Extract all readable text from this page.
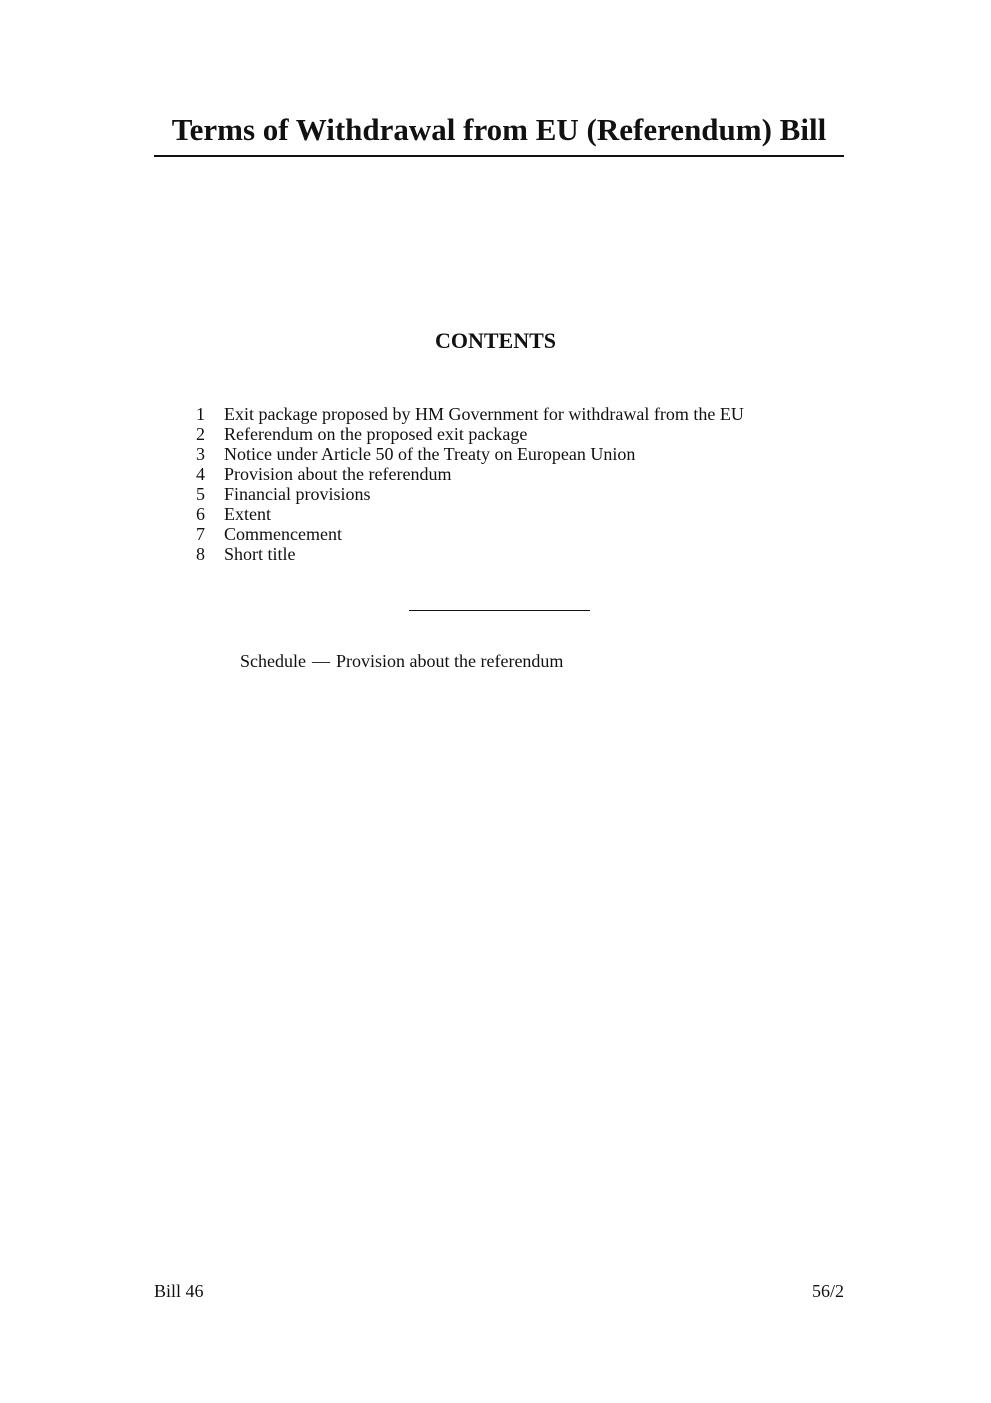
Terms of Withdrawal from EU (Referendum) Bill
CONTENTS
1 Exit package proposed by HM Government for withdrawal from the EU
2 Referendum on the proposed exit package
3 Notice under Article 50 of the Treaty on European Union
4 Provision about the referendum
5 Financial provisions
6 Extent
7 Commencement
8 Short title
Schedule — Provision about the referendum
Bill 46	56/2
